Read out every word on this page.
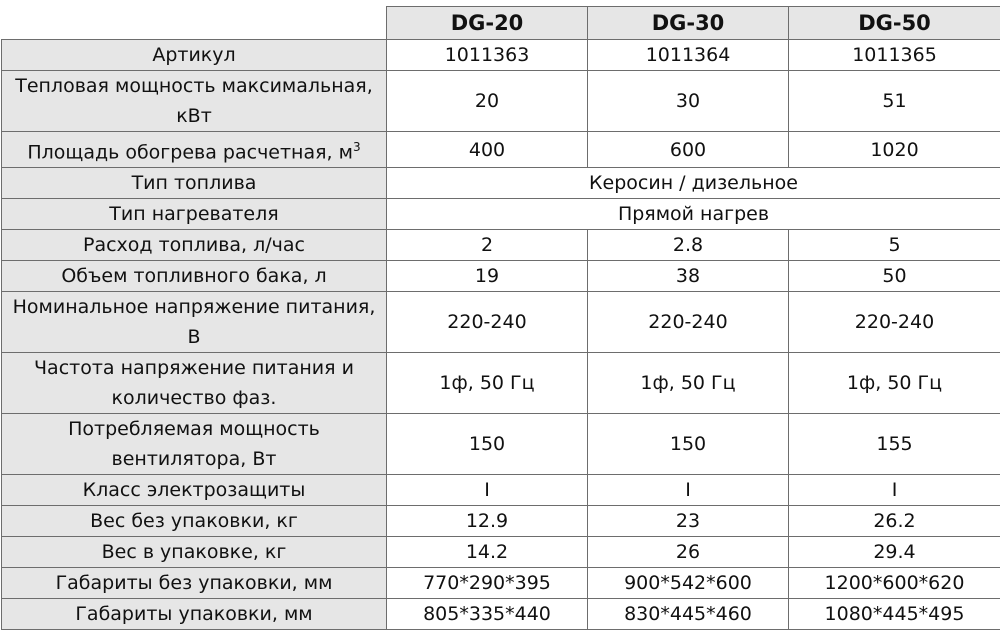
	DG-20	DG-30	DG-50
Артикул	1011363	1011364	1011365
Тепловая мощность максимальная, кВт	20	30	51
Площадь обогрева расчетная, $м^3$	400	600	1020
Тип топлива	Керосин / дизельное		
Тип нагревателя	Прямой нагрев		
Расход топлива, л/час	2	2.8	5
Объем топливного бака, л	19	38	50
Номинальное напряжение питания, В	220-240	220-240	220-240
Частота напряжение питания и количество фаз.	1ф, 50 Гц	1ф, 50 Гц	1ф, 50 Гц
Потребляемая мощность вентилятора, Вт	150	150	155
Класс электрозащиты	I	I	I
Вес без упаковки, кг	12.9	23	26.2
Вес в упаковке, кг	14.2	26	29.4
Габариты без упаковки, мм	770*290*395	900*542*600	1200*600*620
Габариты упаковки, мм	805*335*440	830*445*460	1080*445*495
